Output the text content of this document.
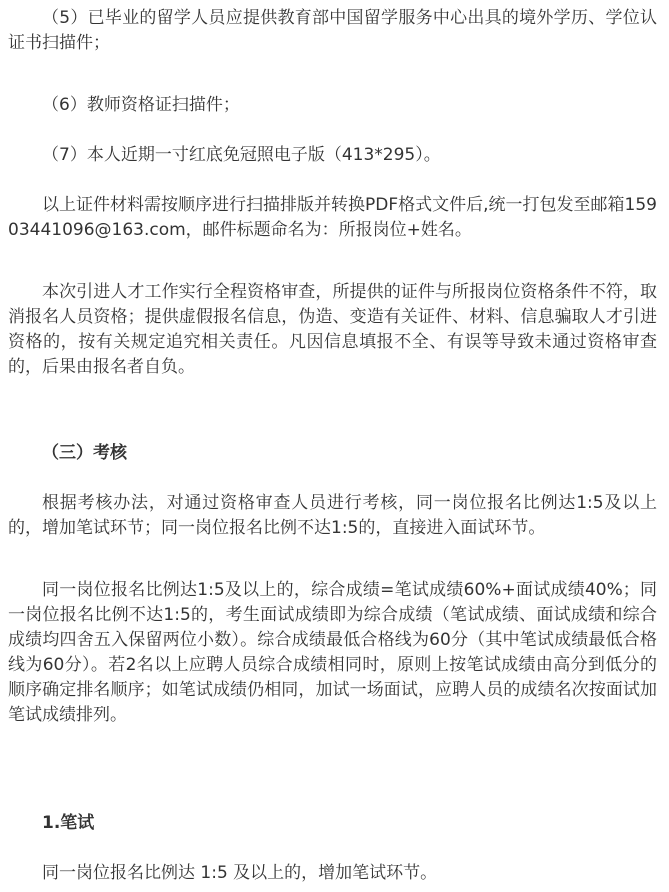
（5）已毕业的留学人员应提供教育部中国留学服务中心出具的境外学历、学位认证书扫描件；

（6）教师资格证扫描件；

（7）本人近期一寸红底免冠照电子版（413*295）。

以上证件材料需按顺序进行扫描排版并转换PDF格式文件后,统一打包发至邮箱15903441096@163.com，邮件标题命名为：所报岗位+姓名。

本次引进人才工作实行全程资格审查，所提供的证件与所报岗位资格条件不符，取消报名人员资格；提供虚假报名信息，伪造、变造有关证件、材料、信息骗取人才引进资格的，按有关规定追究相关责任。凡因信息填报不全、有误等导致未通过资格审查的，后果由报名者自负。

（三）考核

根据考核办法，对通过资格审查人员进行考核，同一岗位报名比例达1:5及以上的，增加笔试环节；同一岗位报名比例不达1:5的，直接进入面试环节。

同一岗位报名比例达1:5及以上的，综合成绩=笔试成绩60%+面试成绩40%；同一岗位报名比例不达1:5的，考生面试成绩即为综合成绩（笔试成绩、面试成绩和综合成绩均四舍五入保留两位小数）。综合成绩最低合格线为60分（其中笔试成绩最低合格线为60分）。若2名以上应聘人员综合成绩相同时，原则上按笔试成绩由高分到低分的顺序确定排名顺序；如笔试成绩仍相同，加试一场面试，应聘人员的成绩名次按面试加笔试成绩排列。

1.笔试

同一岗位报名比例达 1:5 及以上的，增加笔试环节。
